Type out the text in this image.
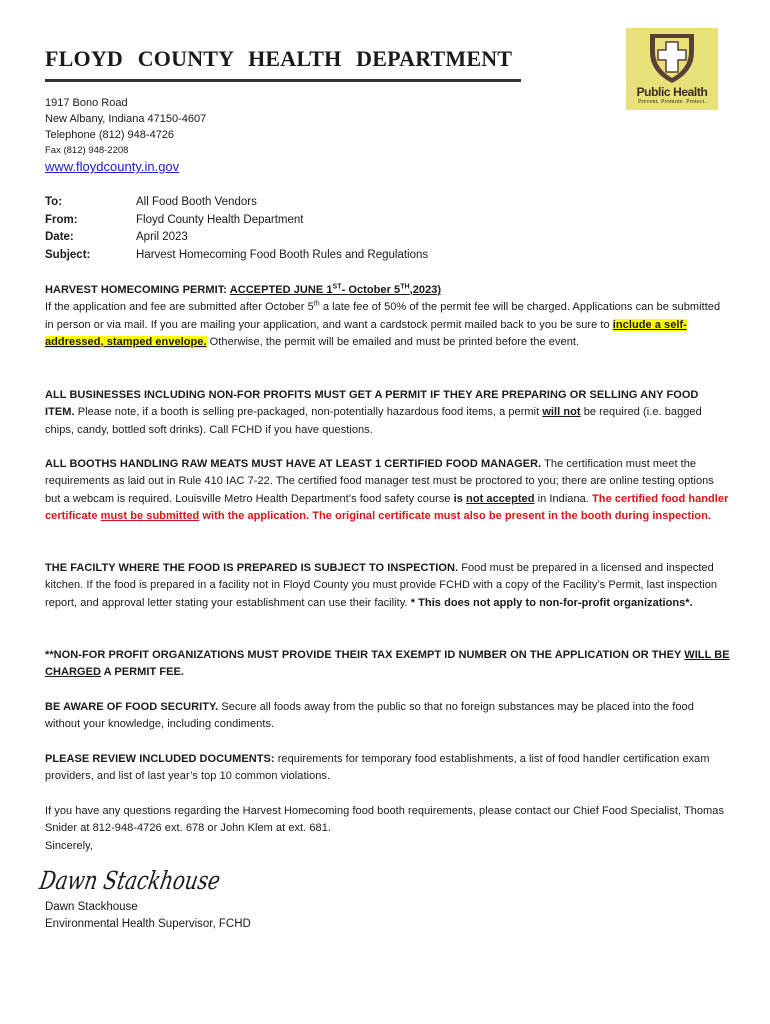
FLOYD COUNTY HEALTH DEPARTMENT
Public Health
Prevent. Promote. Protect.
1917 Bono Road
New Albany, Indiana 47150-4607
Telephone (812) 948-4726
Fax (812) 948-2208
www.floydcounty.in.gov
To:	All Food Booth Vendors
From:	Floyd County Health Department
Date:	April 2023
Subject:	Harvest Homecoming Food Booth Rules and Regulations
HARVEST HOMECOMING PERMIT: ACCEPTED JUNE 1ST- October 5TH,2023)
If the application and fee are submitted after October 5th a late fee of 50% of the permit fee will be charged. Applications can be submitted in person or via mail. If you are mailing your application, and want a cardstock permit mailed back to you be sure to include a self-addressed, stamped envelope. Otherwise, the permit will be emailed and must be printed before the event.
ALL BUSINESSES INCLUDING NON-FOR PROFITS MUST GET A PERMIT IF THEY ARE PREPARING OR SELLING ANY FOOD ITEM. Please note, if a booth is selling pre-packaged, non-potentially hazardous food items, a permit will not be required (i.e. bagged chips, candy, bottled soft drinks). Call FCHD if you have questions.
ALL BOOTHS HANDLING RAW MEATS MUST HAVE AT LEAST 1 CERTIFIED FOOD MANAGER. The certification must meet the requirements as laid out in Rule 410 IAC 7-22. The certified food manager test must be proctored to you; there are online testing options but a webcam is required. Louisville Metro Health Department’s food safety course is not accepted in Indiana. The certified food handler certificate must be submitted with the application. The original certificate must also be present in the booth during inspection.
THE FACILTY WHERE THE FOOD IS PREPARED IS SUBJECT TO INSPECTION. Food must be prepared in a licensed and inspected kitchen. If the food is prepared in a facility not in Floyd County you must provide FCHD with a copy of the Facility’s Permit, last inspection report, and approval letter stating your establishment can use their facility. * This does not apply to non-for-profit organizations*.
**NON-FOR PROFIT ORGANIZATIONS MUST PROVIDE THEIR TAX EXEMPT ID NUMBER ON THE APPLICATION OR THEY WILL BE CHARGED A PERMIT FEE.
BE AWARE OF FOOD SECURITY. Secure all foods away from the public so that no foreign substances may be placed into the food without your knowledge, including condiments.
PLEASE REVIEW INCLUDED DOCUMENTS: requirements for temporary food establishments, a list of food handler certification exam providers, and list of last year’s top 10 common violations.
If you have any questions regarding the Harvest Homecoming food booth requirements, please contact our Chief Food Specialist, Thomas Snider at 812-948-4726 ext. 678 or John Klem at ext. 681.
Sincerely,
Dawn Stackhouse
Dawn Stackhouse
Environmental Health Supervisor, FCHD
